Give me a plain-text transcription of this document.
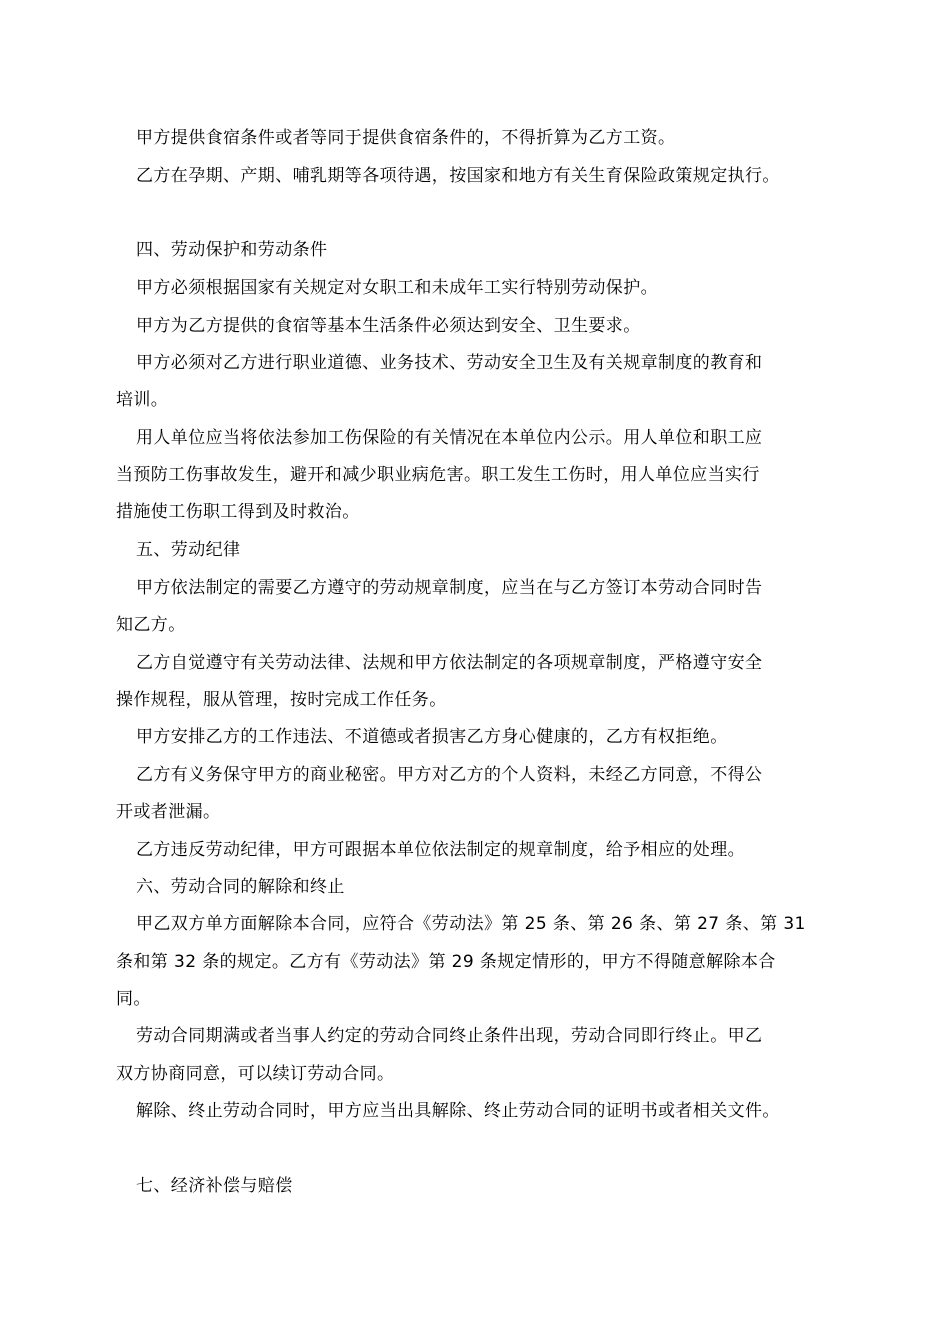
甲方提供食宿条件或者等同于提供食宿条件的，不得折算为乙方工资。
乙方在孕期、产期、哺乳期等各项待遇，按国家和地方有关生育保险政策规定执行。
四、劳动保护和劳动条件
甲方必须根据国家有关规定对女职工和未成年工实行特别劳动保护。
甲方为乙方提供的食宿等基本生活条件必须达到安全、卫生要求。
甲方必须对乙方进行职业道德、业务技术、劳动安全卫生及有关规章制度的教育和
培训。
用人单位应当将依法参加工伤保险的有关情况在本单位内公示。用人单位和职工应
当预防工伤事故发生，避开和减少职业病危害。职工发生工伤时，用人单位应当实行
措施使工伤职工得到及时救治。
五、劳动纪律
甲方依法制定的需要乙方遵守的劳动规章制度，应当在与乙方签订本劳动合同时告
知乙方。
乙方自觉遵守有关劳动法律、法规和甲方依法制定的各项规章制度，严格遵守安全
操作规程，服从管理，按时完成工作任务。
甲方安排乙方的工作违法、不道德或者损害乙方身心健康的，乙方有权拒绝。
乙方有义务保守甲方的商业秘密。甲方对乙方的个人资料，未经乙方同意，不得公
开或者泄漏。
乙方违反劳动纪律，甲方可跟据本单位依法制定的规章制度，给予相应的处理。
六、劳动合同的解除和终止
甲乙双方单方面解除本合同，应符合《劳动法》第 25 条、第 26 条、第 27 条、第 31
条和第 32 条的规定。乙方有《劳动法》第 29 条规定情形的，甲方不得随意解除本合
同。
劳动合同期满或者当事人约定的劳动合同终止条件出现，劳动合同即行终止。甲乙
双方协商同意，可以续订劳动合同。
解除、终止劳动合同时，甲方应当出具解除、终止劳动合同的证明书或者相关文件。
七、经济补偿与赔偿
